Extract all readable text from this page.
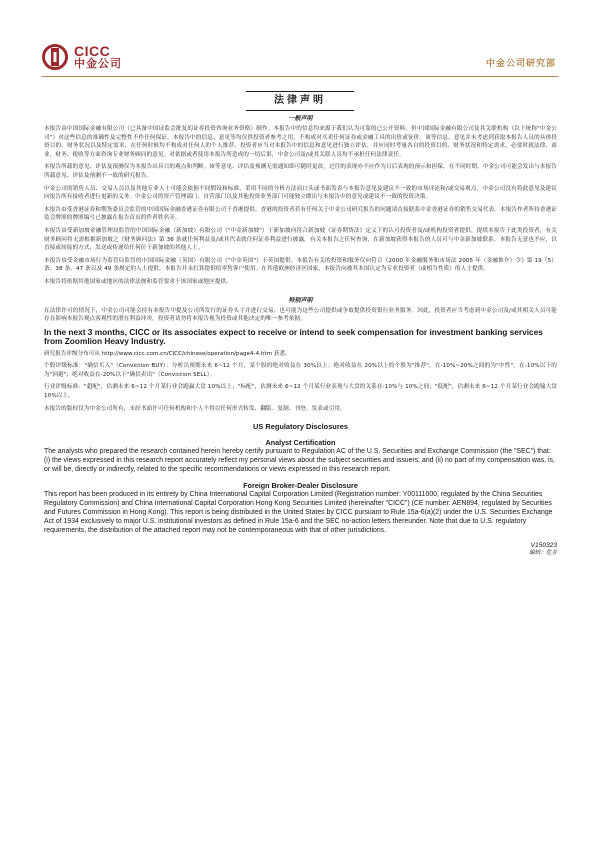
CICC
中金公司	中金公司研究部
法律声明
一般声明

本报告由中国国际金融有限公司（已具备中国证监会批复的证券投资咨询业务资格）制作。本报告中的信息均来源于我们认为可靠的已公开资料，但中国国际金融有限公司及其关联机构（以下统称"中金公司"）对这些信息的准确性及完整性不作任何保证。本报告中的信息、意见等均仅供投资者参考之用，不构成对买卖任何证券或金融工具的出价或征价。该等信息、意见并未考虑到获取本报告人员的具体投资目的、财务状况以及特定需求，在任何时候均不构成对任何人的个人推荐。投资者应当对本报告中的信息和意见进行独立评估，并应同时考量各自的投资目的、财务状况和特定需求，必要时就法律、商业、财务、税收等方面咨询专业财务顾问的意见。对依据或者使用本报告所造成的一切后果，中金公司及/或其关联人员均不承担任何法律责任。

本报告所载的意见、评估及预测仅为本报告出具日的观点和判断。该等意见、评估及预测无需通知即可随时更改。过往的表现亦不应作为日后表现的预示和担保。在不同时期，中金公司可能会发出与本报告所载意见、评估及预测不一致的研究报告。

中金公司的销售人员、交易人员以及其他专业人士可能会依据不同假设和标准、采用不同的分析方法而口头或书面发表与本报告意见及建议不一致的市场评论和/或交易观点。中金公司没有将此意见及建议向报告所有接收者进行更新的义务。中金公司的资产管理部门、自营部门以及其他投资业务部门可能独立做出与本报告中的意见或建议不一致的投资决策。

本报告由受香港证券和期货委员会监管的中国国际金融香港证券有限公司于香港提供。香港的投资者若有任何关于中金公司研究报告的问题请直接联系中金香港证券的销售交易代表。本报告作者所持香港证监会牌照的牌照编号已披露在报告首页的作者姓名旁。

本报告由受新加坡金融管理局监管的中国国际金融（新加坡）有限公司（"中金新加坡"）于新加坡向符合新加坡《证券期货法》定义下的认可投资者及/或机构投资者提供。提供本报告于此类投资者，有关财务顾问将无需根据新加坡之《财务顾问法》第 36 条就任何利益及/或其代表就任何证券利益进行披露。有关本报告之任何查询，在新加坡获得本报告的人员可与中金新加坡联系。本报告无意也不应，以直接或间接的方式，发送或传递给任何位于新加坡的其他人士。

本报告由受金融市场行为监管局监管的中国国际金融（英国）有限公司（"中金英国"）于英国提供。本报告有关的投资和服务仅向符合《2000 年金融服务和市场法 2005 年（金融推介）令》第 19（5）条、38 条、47 条以及 49 条规定的人士提供。本报告并未打算提供给零售客户使用。在其他欧洲经济区国家，本报告向被其本国认定为专业投资者（或相当性质）的人士提供。

本报告将依据其他国家或地区的法律法规和监管要求于该国家或地区提供。

特别声明

在法律许可的情况下，中金公司可能会持有本报告中提及公司所发行的证券头寸并进行交易，也可能为这些公司提供或争取提供投资银行业务服务。因此，投资者应当考虑到中金公司及/或其相关人员可能存在影响本报告观点客观性的潜在利益冲突。投资者请勿将本报告视为投资或其他决定的唯一参考依据。

In the next 3 months, CICC or its associates expect to receive or intend to seek compensation for investment banking services from Zoomlion Heavy Industry.

研究报告评级分布可从 http://www.cicc.com.cn/CICC/chinese/operation/page4-4.htm 获悉。

个股评级标准："确信买入"（Conviction BUY）：分析员预期未来 6~12 个月，某个股的绝对收益在 30%以上；绝对收益在 20%以上的个股为"推荐"，在-10%~20%之间的为"中性"，在-10%以下的为"回避"；绝对收益在-20%以下"确信卖出"（Conviction SELL）。

行业评级标准："超配"，估测未来 6~12 个月某行业会跑赢大盘 10%以上；"标配"，估测未来 6~12 个月某行业表现与大盘的关系在-10%与 10%之间；"低配"，估测未来 6~12 个月某行业会跑输大盘 10%以上。

本报告的版权仅为中金公司所有，未经书面许可任何机构和个人不得以任何形式转发、翻版、复制、刊登、发表或引用。

US Regulatory Disclosures
Analyst Certification

The analysts who prepared the research contained herein hereby certify pursuant to Regulation AC of the U.S. Securities and Exchange Commission (the "SEC") that: (i) the views expressed in this research report accurately reflect my personal views about the subject securities and issuers; and (ii) no part of my compensation was, is, or will be, directly or indirectly, related to the specific recommendations or views expressed in this research report.

Foreign Broker-Dealer Disclosure

This report has been produced in its entirety by China International Capital Corporation Limited (Registration number: Y00111000, regulated by the China Securities Regulatory Commission) and China International Capital Corporation Hong Kong Securities Limited (hereinafter "CICC") (CE number: AEN894, regulated by Securities and Futures Commission in Hong Kong). This report is being distributed in the United States by CICC pursuant to Rule 15a-6(a)(2) under the U.S. Securities Exchange Act of 1934 exclusively to major U.S. institutional investors as defined in Rule 15a-6 and the SEC no-action letters thereunder. Note that due to U.S. regulatory requirements, the distribution of the attached report may not be contemporaneous with that of other jurisdictions.

V150323
编辑：危芳
